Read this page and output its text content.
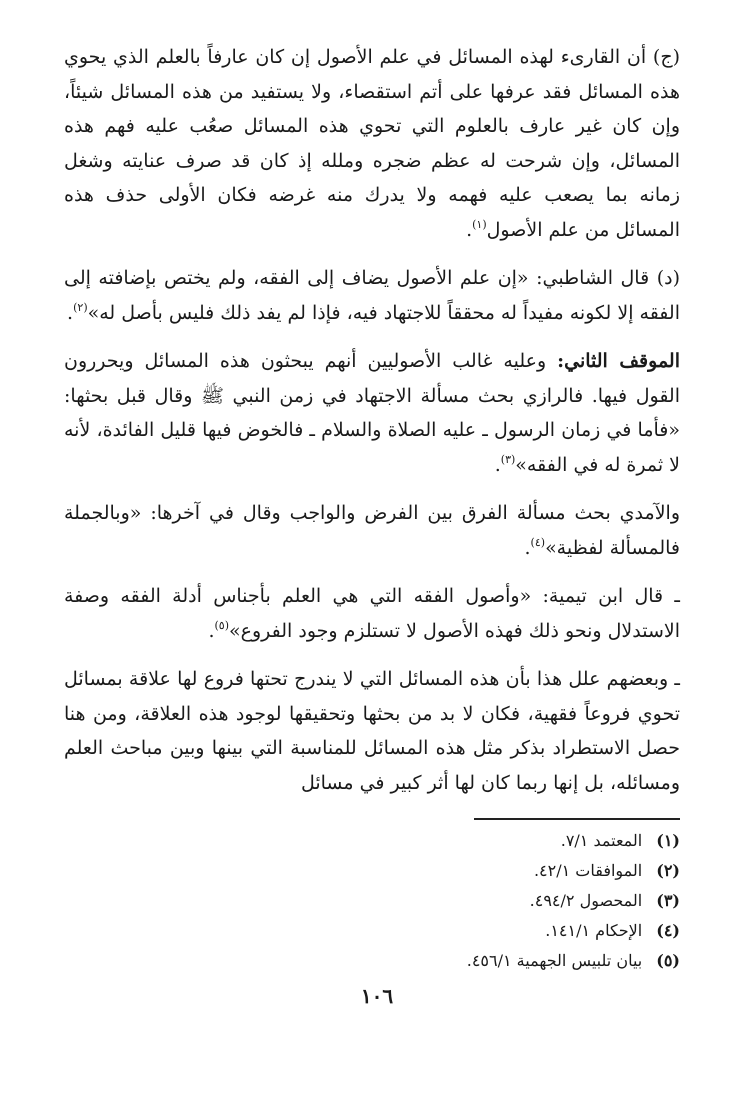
(ج) أن القارىء لهذه المسائل في علم الأصول إن كان عارفاً بالعلم الذي يحوي هذه المسائل فقد عرفها على أتم استقصاء، ولا يستفيد من هذه المسائل شيئاً، وإن كان غير عارف بالعلوم التي تحوي هذه المسائل صعُب عليه فهم هذه المسائل، وإن شرحت له عظم ضجره وملله إذ كان قد صرف عنايته وشغل زمانه بما يصعب عليه فهمه ولا يدرك منه غرضه فكان الأولى حذف هذه المسائل من علم الأصول$^{(١)}$.

(د) قال الشاطبي: «إن علم الأصول يضاف إلى الفقه، ولم يختص بإضافته إلى الفقه إلا لكونه مفيداً له محققاً للاجتهاد فيه، فإذا لم يفد ذلك فليس بأصل له»$^{(٢)}$.

الموقف الثاني: وعليه غالب الأصوليين أنهم يبحثون هذه المسائل ويحررون القول فيها. فالرازي بحث مسألة الاجتهاد في زمن النبي ﷺ وقال قبل بحثها: «فأما في زمان الرسول ـ عليه الصلاة والسلام ـ فالخوض فيها قليل الفائدة، لأنه لا ثمرة له في الفقه»$^{(٣)}$.

والآمدي بحث مسألة الفرق بين الفرض والواجب وقال في آخرها: «وبالجملة فالمسألة لفظية»$^{(٤)}$.

ـ قال ابن تيمية: «وأصول الفقه التي هي العلم بأجناس أدلة الفقه وصفة الاستدلال ونحو ذلك فهذه الأصول لا تستلزم وجود الفروع»$^{(٥)}$.

ـ وبعضهم علل هذا بأن هذه المسائل التي لا يندرج تحتها فروع لها علاقة بمسائل تحوي فروعاً فقهية، فكان لا بد من بحثها وتحقيقها لوجود هذه العلاقة، ومن هنا حصل الاستطراد بذكر مثل هذه المسائل للمناسبة التي بينها وبين مباحث العلم ومسائله، بل إنها ربما كان لها أثر كبير في مسائل

(١)
المعتمد ٧/١.
(٢)
الموافقات ٤٢/١.
(٣)
المحصول ٤٩٤/٢.
(٤)
الإحكام ١٤١/١.
(٥)
بيان تلبيس الجهمية ٤٥٦/١.
١٠٦
